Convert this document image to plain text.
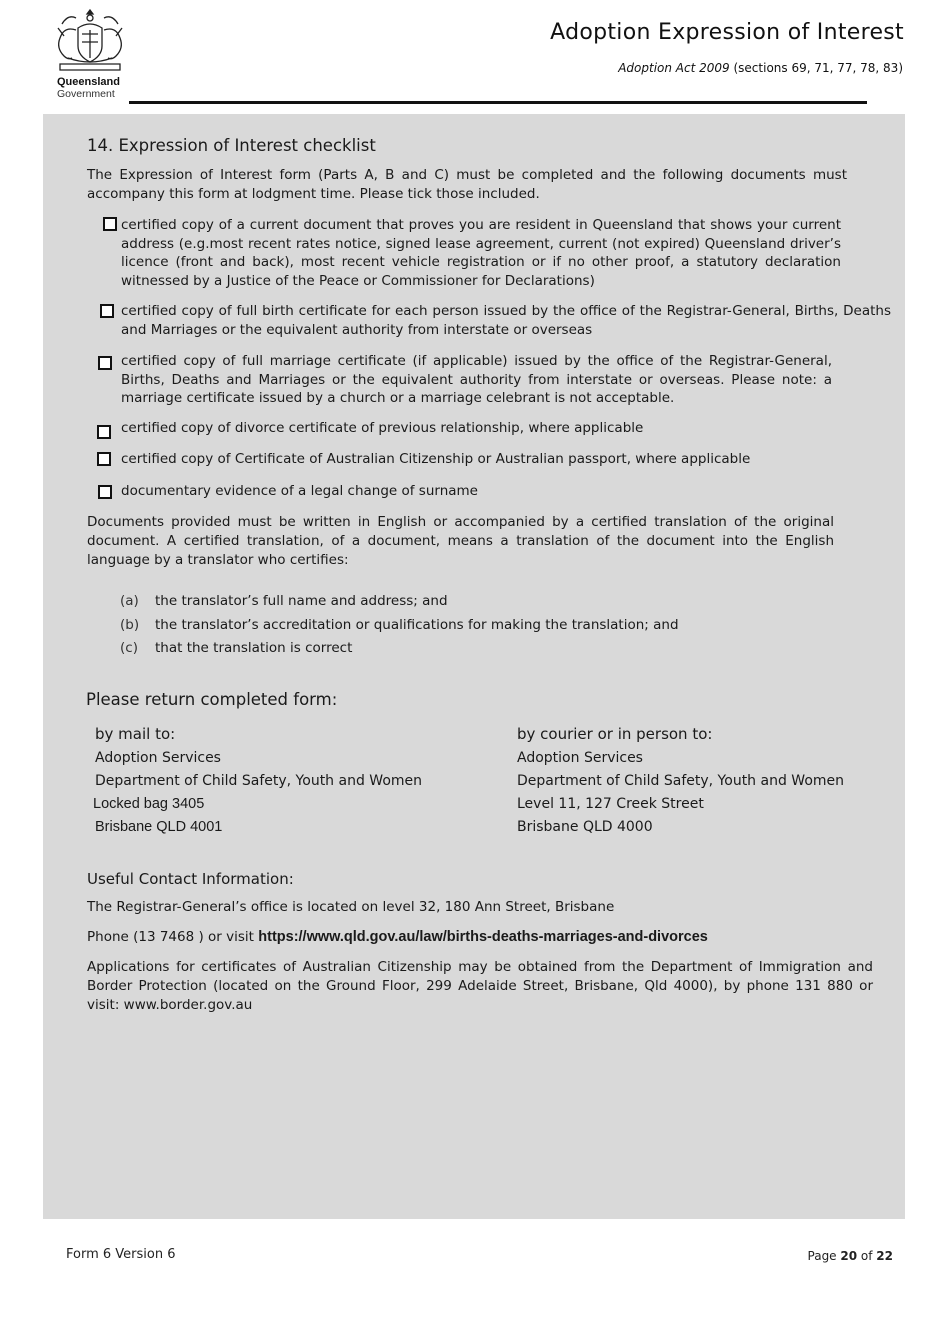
Queensland
Government
Adoption Expression of Interest
Adoption Act 2009 (sections 69, 71, 77, 78, 83)
14. Expression of Interest checklist
The Expression of Interest form (Parts A, B and C) must be completed and the following documents must accompany this form at lodgment time. Please tick those included.
certified copy of a current document that proves you are resident in Queensland that shows your current address (e.g.most recent rates notice, signed lease agreement, current (not expired) Queensland driver’s licence (front and back), most recent vehicle registration or if no other proof, a statutory declaration witnessed by a Justice of the Peace or Commissioner for Declarations)
certified copy of full birth certificate for each person issued by the office of the Registrar-General, Births, Deaths and Marriages or the equivalent authority from interstate or overseas
certified copy of full marriage certificate (if applicable) issued by the office of the Registrar-General, Births, Deaths and Marriages or the equivalent authority from interstate or overseas. Please note: a marriage certificate issued by a church or a marriage celebrant is not acceptable.
certified copy of divorce certificate of previous relationship, where applicable
certified copy of Certificate of Australian Citizenship or Australian passport, where applicable
documentary evidence of a legal change of surname
Documents provided must be written in English or accompanied by a certified translation of the original document. A certified translation, of a document, means a translation of the document into the English language by a translator who certifies:
(a) the translator’s full name and address; and
(b) the translator’s accreditation or qualifications for making the translation; and
(c) that the translation is correct
Please return completed form:
by mail to:
Adoption Services
Department of Child Safety, Youth and Women
Locked bag 3405
Brisbane QLD 4001
by courier or in person to:
Adoption Services
Department of Child Safety, Youth and Women
Level 11, 127 Creek Street
Brisbane QLD 4000
Useful Contact Information:
The Registrar-General’s office is located on level 32, 180 Ann Street, Brisbane
Phone (13 7468 ) or visit https://www.qld.gov.au/law/births-deaths-marriages-and-divorces
Applications for certificates of Australian Citizenship may be obtained from the Department of Immigration and Border Protection (located on the Ground Floor, 299 Adelaide Street, Brisbane, Qld 4000), by phone 131 880 or visit: www.border.gov.au
Form 6 Version 6	Page 20 of 22
